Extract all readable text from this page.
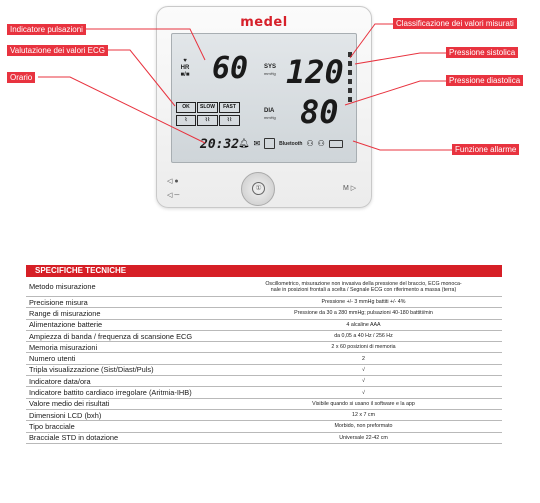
medel
♥
HR
■/■ 60	SYS
mmHg 120
DIA
mmHg 80
OK	SLOW	FAST
⌇	⌇⌇	⌇⌇
20:32
🔔︎ ✉	Bluetooth ⚇ ⚇
◁ ●
◁ ─
①	M ▷
Indicatore pulsazioni
Valutazione dei valori ECG
Orario
Classificazione dei valori misurati
Pressione sistolica
Pressione diastolica
Funzione allarme
SPECIFICHE TECNICHE
Metodo misurazione	Oscillometrico, misurazione non invasiva della pressione del braccio, ECG monoca-
nale in posizioni frontali a scelta / Segnale ECG con riferimento a massa (terra)

Precisione misura	Pressione +/- 3 mmHg battiti +/- 4%
Range di misurazione	Pressione da 30 a 280 mmHg; pulsazioni 40-180 battiti/min
Alimentazione batterie	4 alcaline AAA
Ampiezza di banda / frequenza di scansione ECG	da 0,05 a 40 Hz / 256 Hz
Memoria misurazioni	2 x 60 posizioni di memoria
Numero utenti	2
Tripla visualizzazione (Sist/Diast/Puls)	√
Indicatore data/ora	√
Indicatore battito cardiaco irregolare (Aritmia-IHB)	√
Valore medio dei risultati	Visibile quando si usano il software e la app
Dimensioni LCD (bxh)	12 x 7 cm
Tipo bracciale	Morbido, non preformato
Bracciale STD in dotazione	Universale 22-42 cm
